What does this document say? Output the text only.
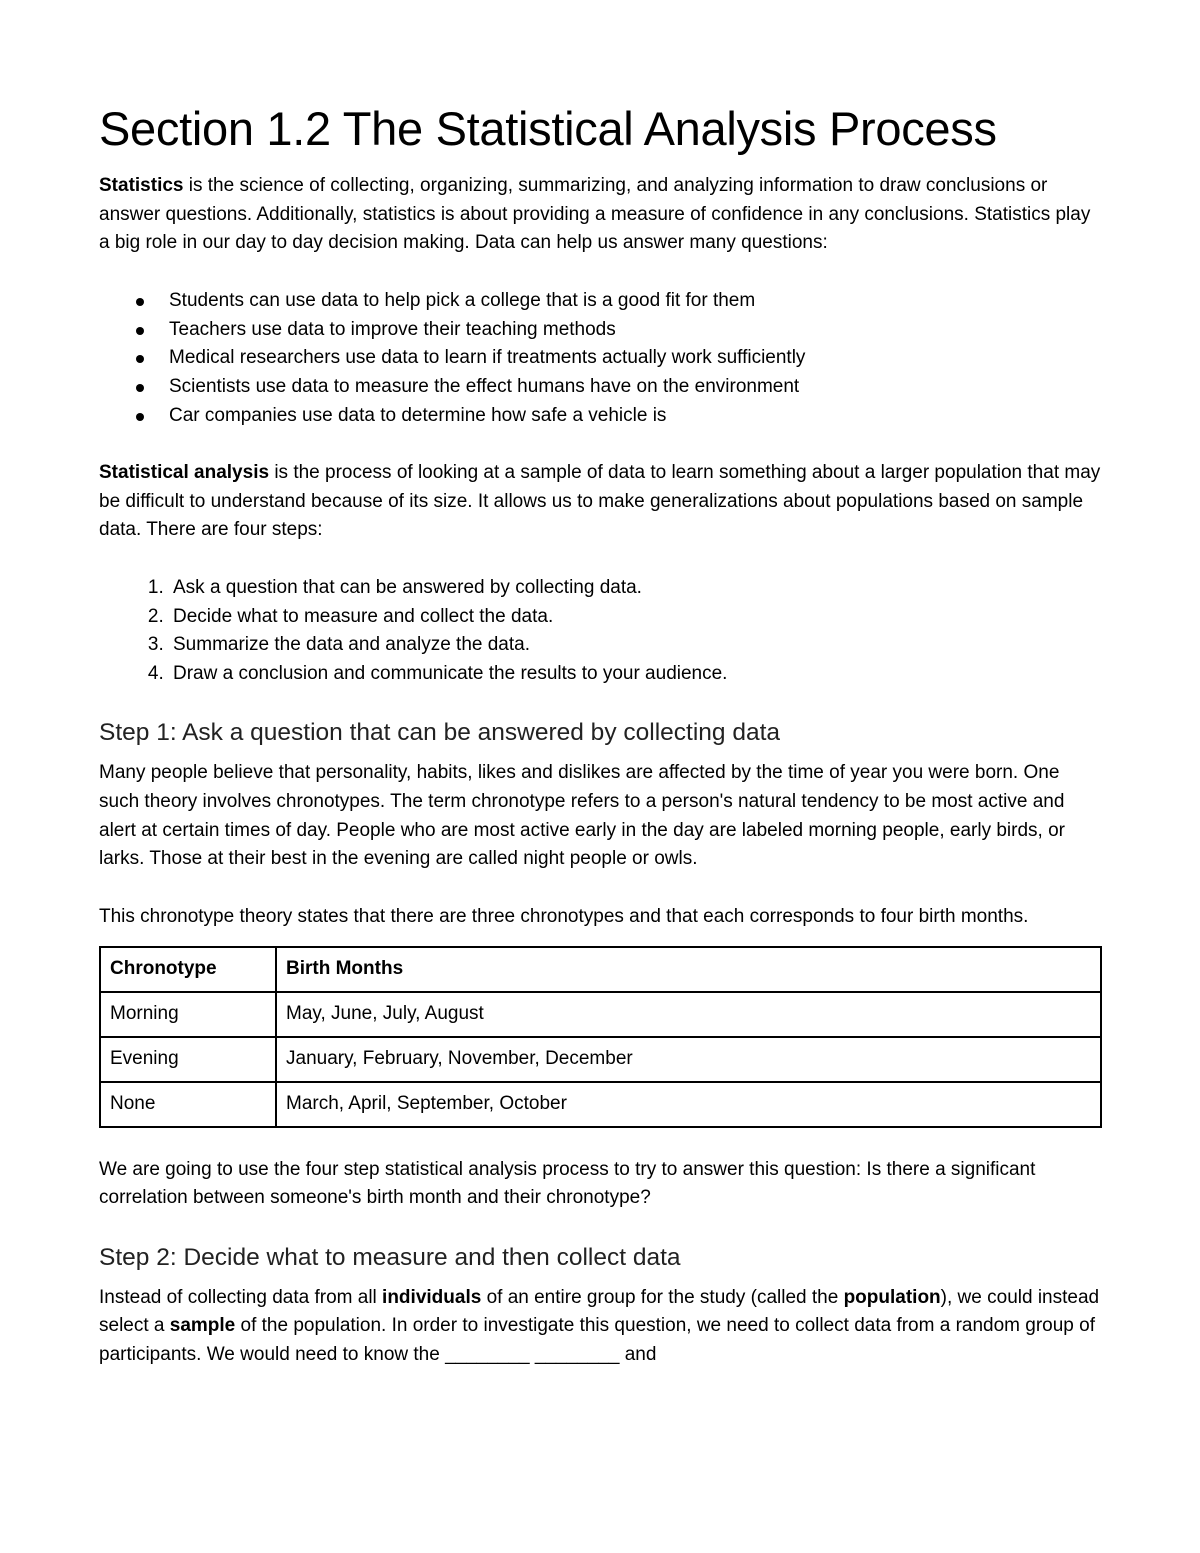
Section 1.2 The Statistical Analysis Process

Statistics is the science of collecting, organizing, summarizing, and analyzing information to draw conclusions or answer questions. Additionally, statistics is about providing a measure of confidence in any conclusions. Statistics play a big role in our day to day decision making. Data can help us answer many questions:

Students can use data to help pick a college that is a good fit for them
Teachers use data to improve their teaching methods
Medical researchers use data to learn if treatments actually work sufficiently
Scientists use data to measure the effect humans have on the environment
Car companies use data to determine how safe a vehicle is

Statistical analysis is the process of looking at a sample of data to learn something about a larger population that may be difficult to understand because of its size. It allows us to make generalizations about populations based on sample data. There are four steps:

1. Ask a question that can be answered by collecting data.
2. Decide what to measure and collect the data.
3. Summarize the data and analyze the data.
4. Draw a conclusion and communicate the results to your audience.
Step 1: Ask a question that can be answered by collecting data

Many people believe that personality, habits, likes and dislikes are affected by the time of year you were born. One such theory involves chronotypes. The term chronotype refers to a person's natural tendency to be most active and alert at certain times of day. People who are most active early in the day are labeled morning people, early birds, or larks. Those at their best in the evening are called night people or owls.

This chronotype theory states that there are three chronotypes and that each corresponds to four birth months.

Chronotype	Birth Months
Morning	May, June, July, August
Evening	January, February, November, December
None	March, April, September, October

We are going to use the four step statistical analysis process to try to answer this question: Is there a significant correlation between someone's birth month and their chronotype?

Step 2: Decide what to measure and then collect data

Instead of collecting data from all individuals of an entire group for the study (called the population), we could instead select a sample of the population. In order to investigate this question, we need to collect data from a random group of participants. We would need to know the ________ ________ and
